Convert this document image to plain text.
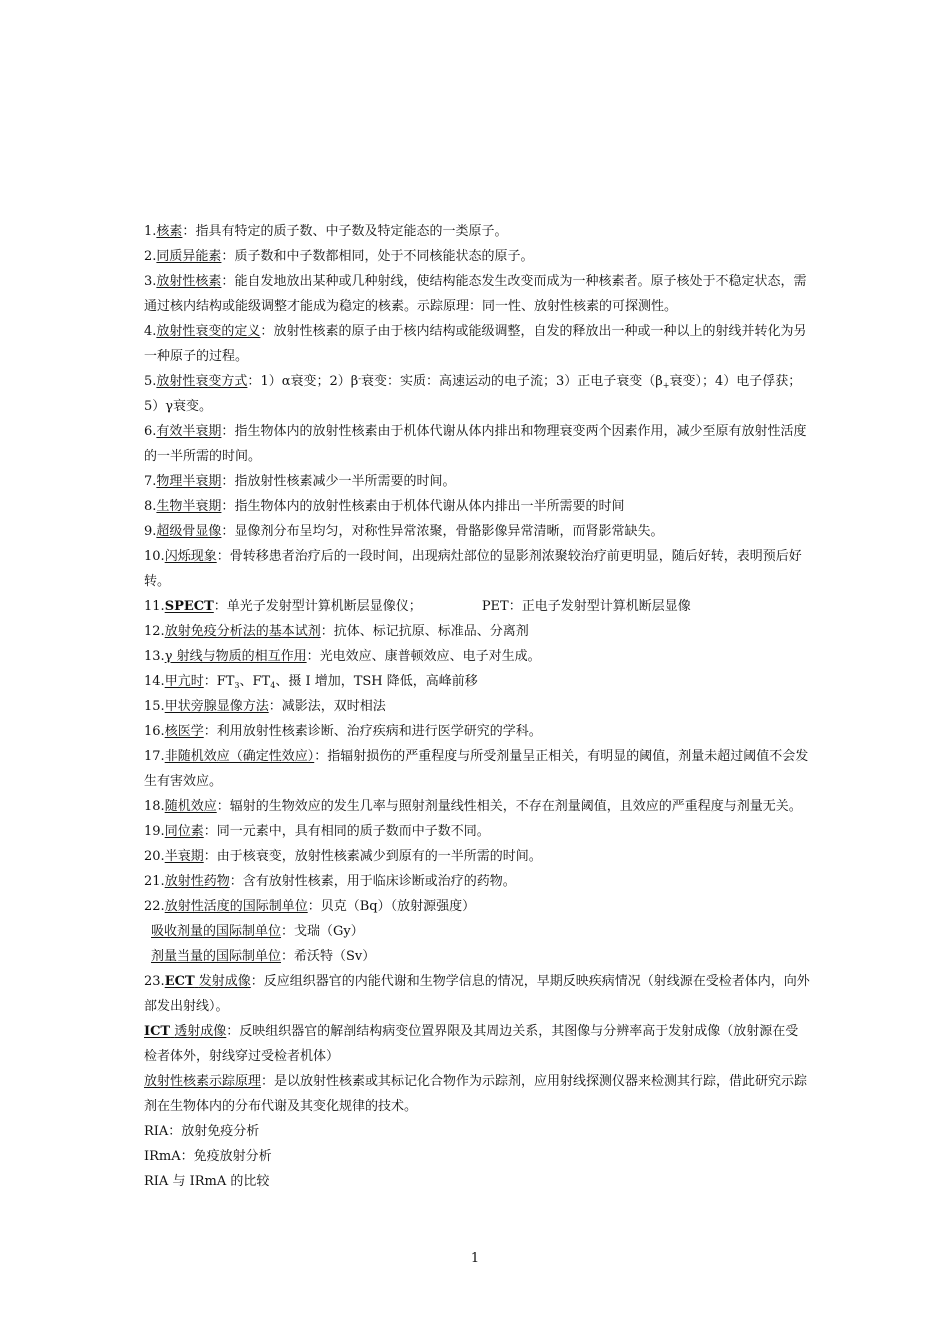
1.核素：指具有特定的质子数、中子数及特定能态的一类原子。

2.同质异能素：质子数和中子数都相同，处于不同核能状态的原子。

3.放射性核素：能自发地放出某种或几种射线，使结构能态发生改变而成为一种核素者。原子核处于不稳定状态，需通过核内结构或能级调整才能成为稳定的核素。示踪原理：同一性、放射性核素的可探测性。

4.放射性衰变的定义：放射性核素的原子由于核内结构或能级调整，自发的释放出一种或一种以上的射线并转化为另一种原子的过程。

5.放射性衰变方式：1）α衰变；$2)\beta_-$衰变：实质：高速运动的电子流；3）正电子衰变（$\beta_+$衰变）；4）电子俘获；5）γ衰变。

6.有效半衰期：指生物体内的放射性核素由于机体代谢从体内排出和物理衰变两个因素作用，减少至原有放射性活度的一半所需的时间。

7.物理半衰期：指放射性核素减少一半所需要的时间。

8.生物半衰期：指生物体内的放射性核素由于机体代谢从体内排出一半所需要的时间

9.超级骨显像：显像剂分布呈均匀，对称性异常浓聚，骨骼影像异常清晰，而肾影常缺失。

10.闪烁现象：骨转移患者治疗后的一段时间，出现病灶部位的显影剂浓聚较治疗前更明显，随后好转，表明预后好转。

11.SPECT：单光子发射型计算机断层显像仪；	PET：正电子发射型计算机断层显像

12.放射免疫分析法的基本试剂：抗体、标记抗原、标准品、分离剂

13.γ 射线与物质的相互作用：光电效应、康普顿效应、电子对生成。

14.甲亢时：$FT_3$、$FT_4$、摄 I 增加，TSH 降低，高峰前移

15.甲状旁腺显像方法：减影法，双时相法

16.核医学：利用放射性核素诊断、治疗疾病和进行医学研究的学科。

17.非随机效应（确定性效应）：指辐射损伤的严重程度与所受剂量呈正相关，有明显的阈值，剂量未超过阈值不会发生有害效应。

18.随机效应：辐射的生物效应的发生几率与照射剂量线性相关，不存在剂量阈值，且效应的严重程度与剂量无关。

19.同位素：同一元素中，具有相同的质子数而中子数不同。

20.半衰期：由于核衰变，放射性核素减少到原有的一半所需的时间。

21.放射性药物：含有放射性核素，用于临床诊断或治疗的药物。

22.放射性活度的国际制单位：贝克（Bq）（放射源强度）

吸收剂量的国际制单位：戈瑞（Gy）

剂量当量的国际制单位：希沃特（Sv）

23.ECT 发射成像：反应组织器官的内能代谢和生物学信息的情况，早期反映疾病情况（射线源在受检者体内，向外部发出射线）。

ICT 透射成像：反映组织器官的解剖结构病变位置界限及其周边关系，其图像与分辨率高于发射成像（放射源在受检者体外，射线穿过受检者机体）

放射性核素示踪原理：是以放射性核素或其标记化合物作为示踪剂，应用射线探测仪器来检测其行踪，借此研究示踪剂在生物体内的分布代谢及其变化规律的技术。

RIA：放射免疫分析

IRmA：免疫放射分析

RIA 与 IRmA 的比较

1
